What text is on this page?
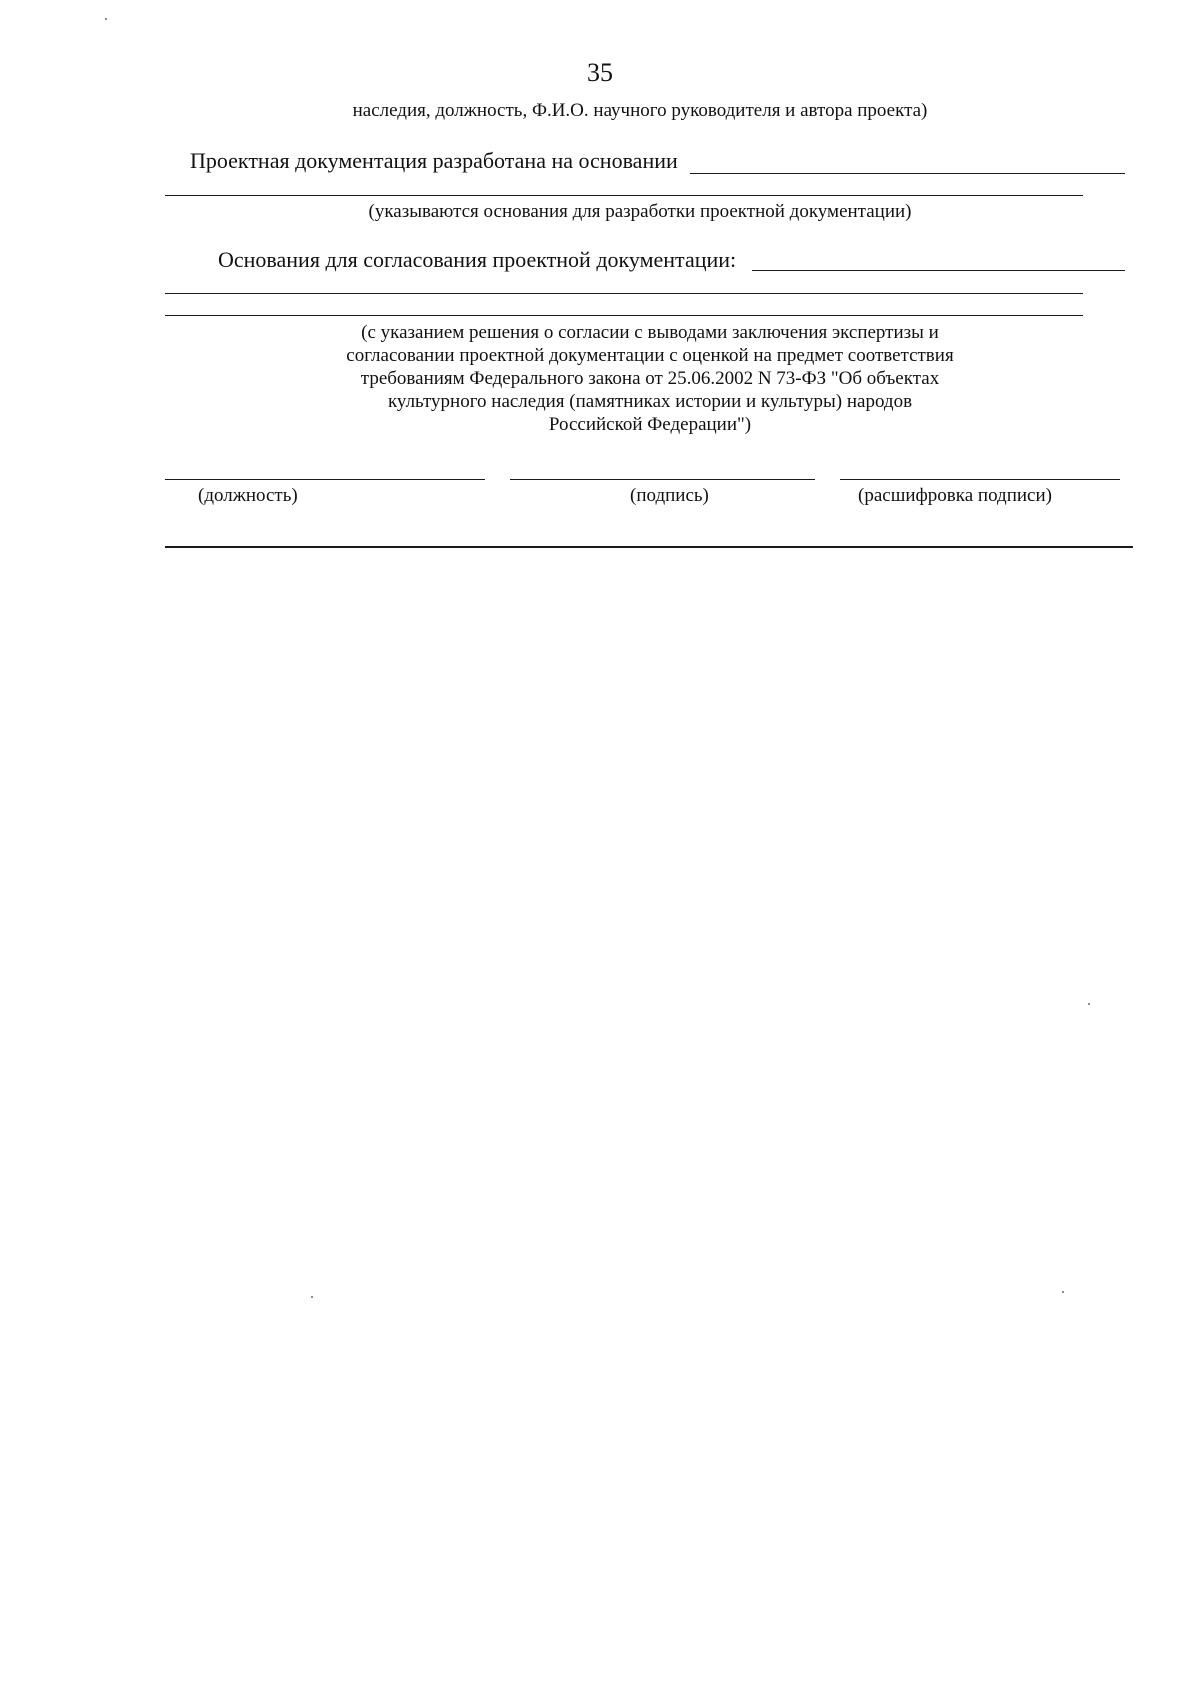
35
наследия, должность, Ф.И.О. научного руководителя и автора проекта)
Проектная документация разработана на основании
(указываются основания для разработки проектной документации)
Основания для согласования проектной документации:
(с указанием решения о согласии с выводами заключения экспертизы и
согласовании проектной документации с оценкой на предмет соответствия
требованиям Федерального закона от 25.06.2002 N 73-ФЗ "Об объектах
культурного наследия (памятниках истории и культуры) народов
Российской Федерации")
(должность)	(подпись)	(расшифровка подписи)
